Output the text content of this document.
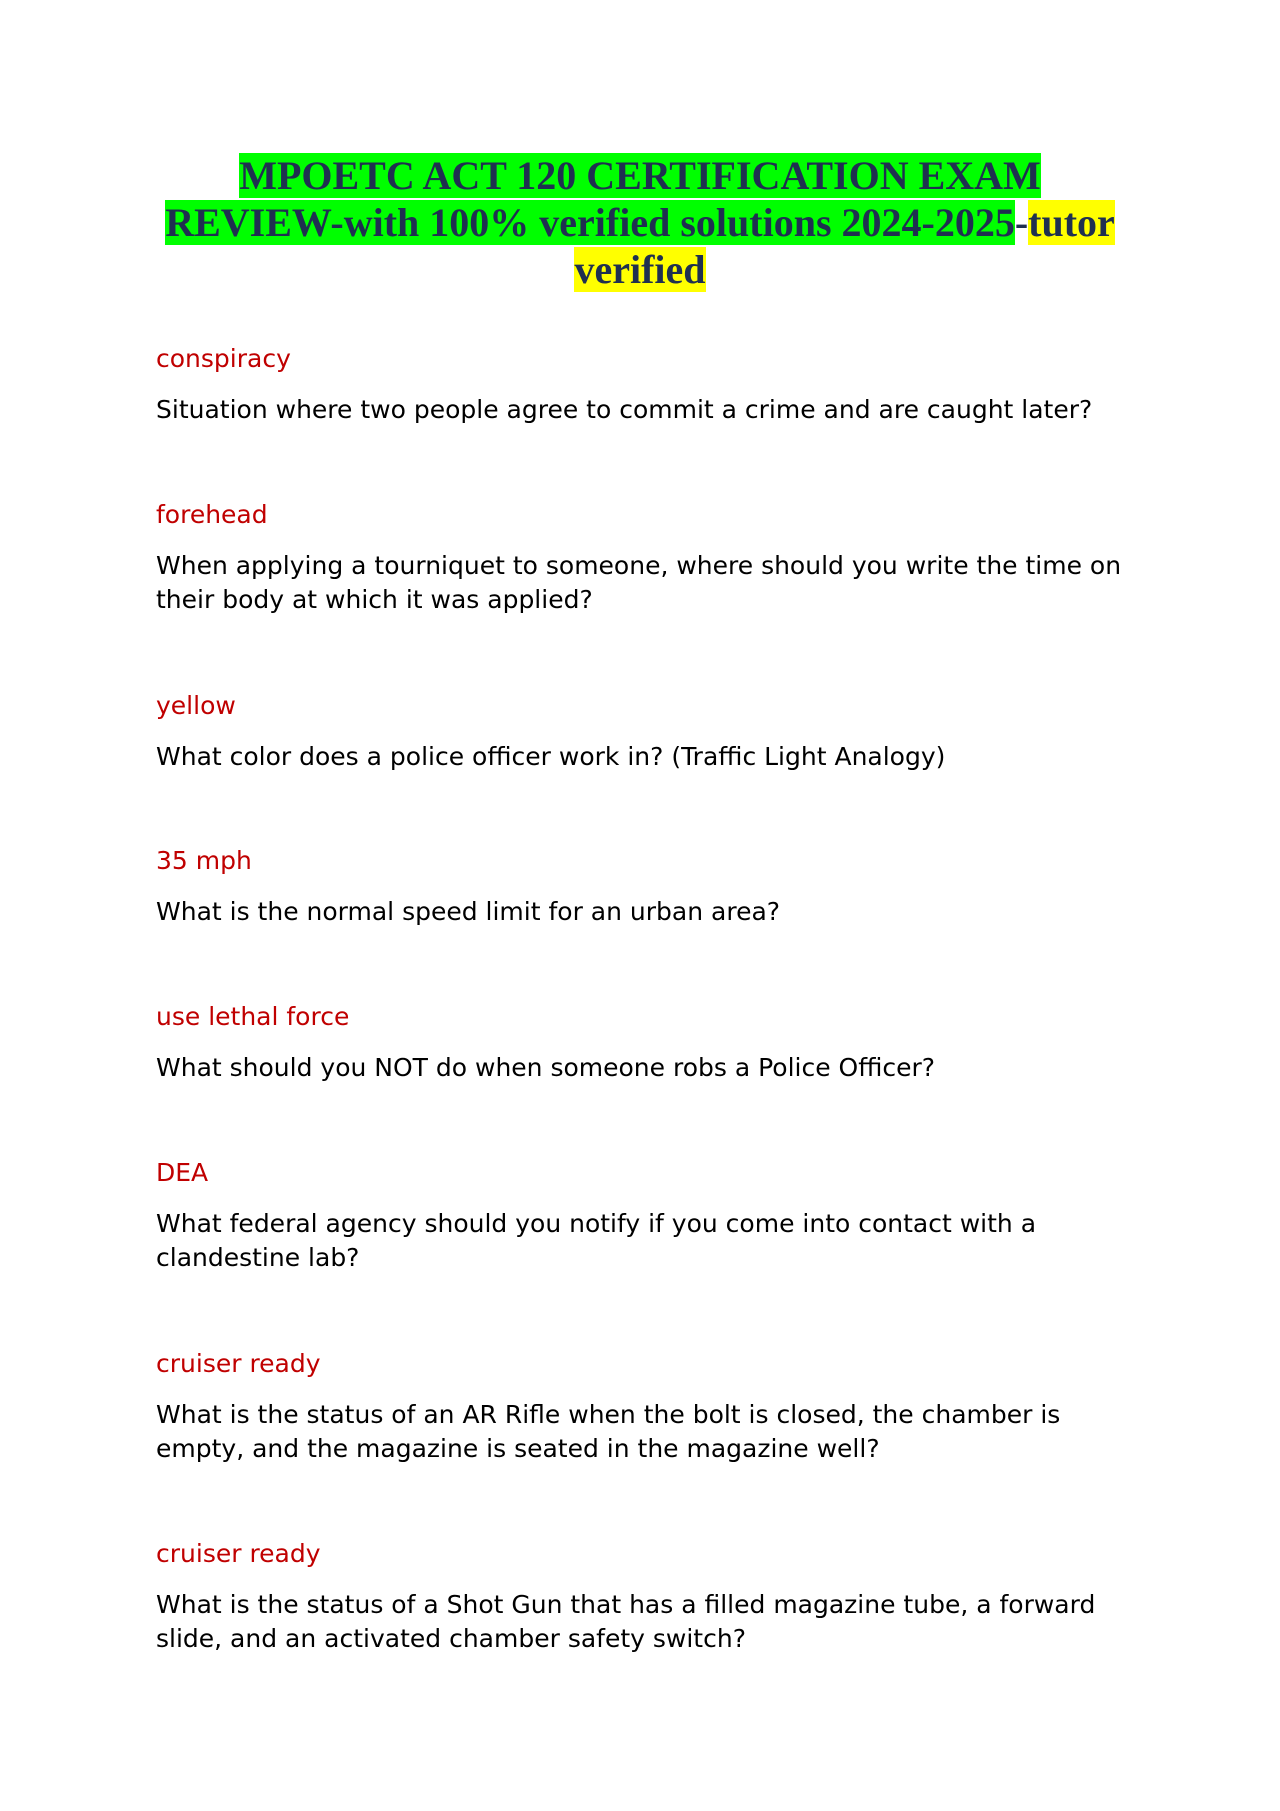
MPOETC ACT 120 CERTIFICATION EXAM
REVIEW-with 100% verified solutions 2024-2025-tutor
verified
conspiracy
Situation where two people agree to commit a crime and are caught later?
forehead
When applying a tourniquet to someone, where should you write the time on their body at which it was applied?
yellow
What color does a police officer work in? (Traffic Light Analogy)
35 mph
What is the normal speed limit for an urban area?
use lethal force
What should you NOT do when someone robs a Police Officer?
DEA
What federal agency should you notify if you come into contact with a clandestine lab?
cruiser ready
What is the status of an AR Rifle when the bolt is closed, the chamber is empty, and the magazine is seated in the magazine well?
cruiser ready
What is the status of a Shot Gun that has a filled magazine tube, a forward slide, and an activated chamber safety switch?
